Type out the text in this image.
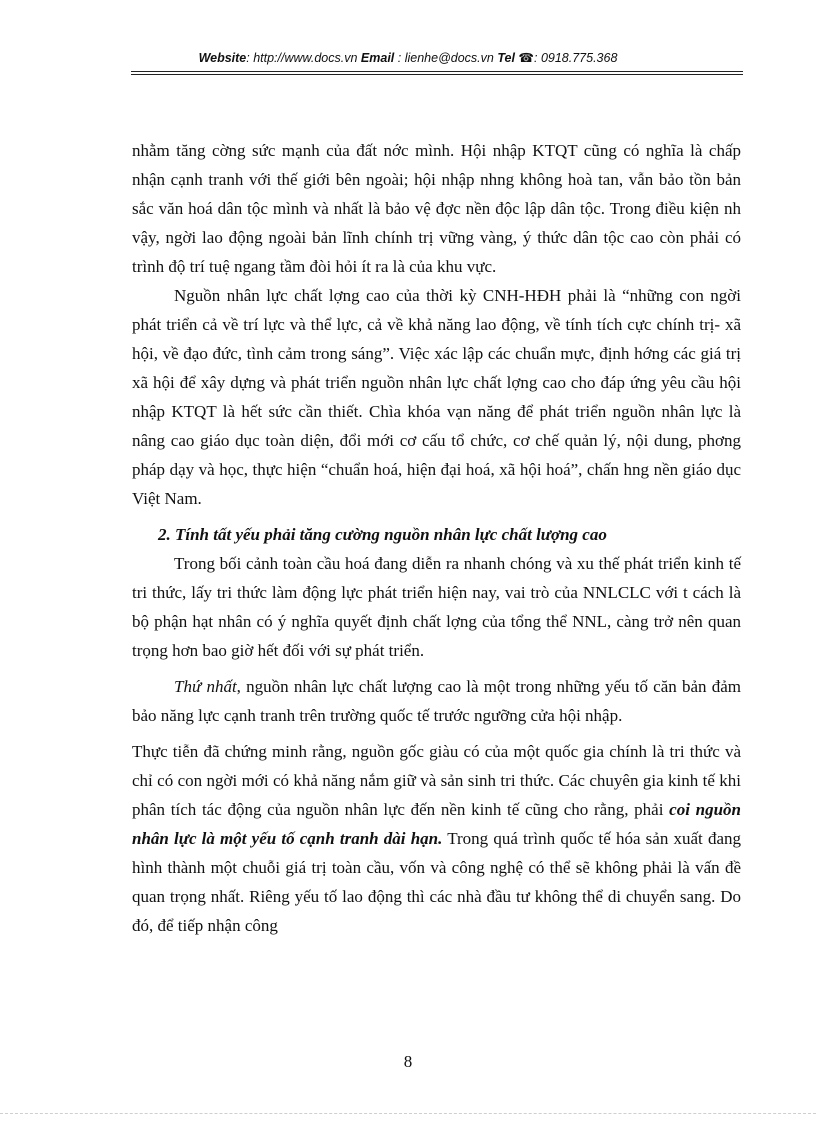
Website: http://www.docs.vn Email : lienhe@docs.vn Tel ☎: 0918.775.368

nhằm tăng cờng sức mạnh của đất nớc mình. Hội nhập KTQT cũng có nghĩa là chấp nhận cạnh tranh với thế giới bên ngoài; hội nhập nhng không hoà tan, vẫn bảo tồn bản sắc văn hoá dân tộc mình và nhất là bảo vệ đợc nền độc lập dân tộc. Trong điều kiện nh vậy, ngời lao động ngoài bản lĩnh chính trị vững vàng, ý thức dân tộc cao còn phải có trình độ trí tuệ ngang tầm đòi hỏi ít ra là của khu vực.

Nguồn nhân lực chất lợng cao của thời kỳ CNH-HĐH phải là “những con ngời phát triển cả về trí lực và thể lực, cả về khả năng lao động, về tính tích cực chính trị- xã hội, về đạo đức, tình cảm trong sáng”. Việc xác lập các chuẩn mực, định hớng các giá trị xã hội để xây dựng và phát triển nguồn nhân lực chất lợng cao cho đáp ứng yêu cầu hội nhập KTQT là hết sức cần thiết. Chìa khóa vạn năng để phát triển nguồn nhân lực là nâng cao giáo dục toàn diện, đổi mới cơ cấu tổ chức, cơ chế quản lý, nội dung, phơng pháp dạy và học, thực hiện “chuẩn hoá, hiện đại hoá, xã hội hoá”, chấn hng nền giáo dục Việt Nam.

2. Tính tất yếu phải tăng cường nguồn nhân lực chất lượng cao

Trong bối cảnh toàn cầu hoá đang diễn ra nhanh chóng và xu thế phát triển kinh tế tri thức, lấy tri thức làm động lực phát triển hiện nay, vai trò của NNLCLC với t cách là bộ phận hạt nhân có ý nghĩa quyết định chất lợng của tổng thể NNL, càng trở nên quan trọng hơn bao giờ hết đối với sự phát triển.

Thứ nhất, nguồn nhân lực chất lượng cao là một trong những yếu tố căn bản đảm bảo năng lực cạnh tranh trên trường quốc tế trước ngưỡng cửa hội nhập.

Thực tiễn đã chứng minh rằng, nguồn gốc giàu có của một quốc gia chính là tri thức và chỉ có con ngời mới có khả năng nắm giữ và sản sinh tri thức. Các chuyên gia kinh tế khi phân tích tác động của nguồn nhân lực đến nền kinh tế cũng cho rằng, phải coi nguồn nhân lực là một yếu tố cạnh tranh dài hạn. Trong quá trình quốc tế hóa sản xuất đang hình thành một chuỗi giá trị toàn cầu, vốn và công nghệ có thể sẽ không phải là vấn đề quan trọng nhất. Riêng yếu tố lao động thì các nhà đầu tư không thể di chuyển sang. Do đó, để tiếp nhận công

8
